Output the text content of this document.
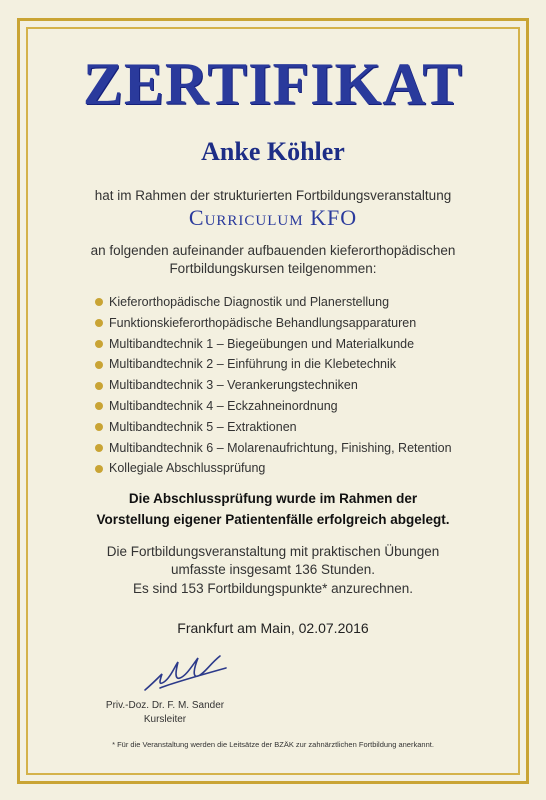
ZERTIFIKAT
Anke Köhler
hat im Rahmen der strukturierten Fortbildungsveranstaltung
Curriculum KFO
an folgenden aufeinander aufbauenden kieferorthopädischen
Fortbildungskursen teilgenommen:
Kieferorthopädische Diagnostik und Planerstellung
Funktionskieferorthopädische Behandlungsapparaturen
Multibandtechnik 1 – Biegeübungen und Materialkunde
Multibandtechnik 2 – Einführung in die Klebetechnik
Multibandtechnik 3 – Verankerungstechniken
Multibandtechnik 4 – Eckzahneinordnung
Multibandtechnik 5 – Extraktionen
Multibandtechnik 6 – Molarenaufrichtung, Finishing, Retention
Kollegiale Abschlussprüfung
Die Abschlussprüfung wurde im Rahmen der
Vorstellung eigener Patientenfälle erfolgreich abgelegt.
Die Fortbildungsveranstaltung mit praktischen Übungen
umfasste insgesamt 136 Stunden.
Es sind 153 Fortbildungspunkte* anzurechnen.
Frankfurt am Main, 02.07.2016
Priv.-Doz. Dr. F. M. Sander
Kursleiter
* Für die Veranstaltung werden die Leitsätze der BZÄK zur zahnärztlichen Fortbildung anerkannt.
